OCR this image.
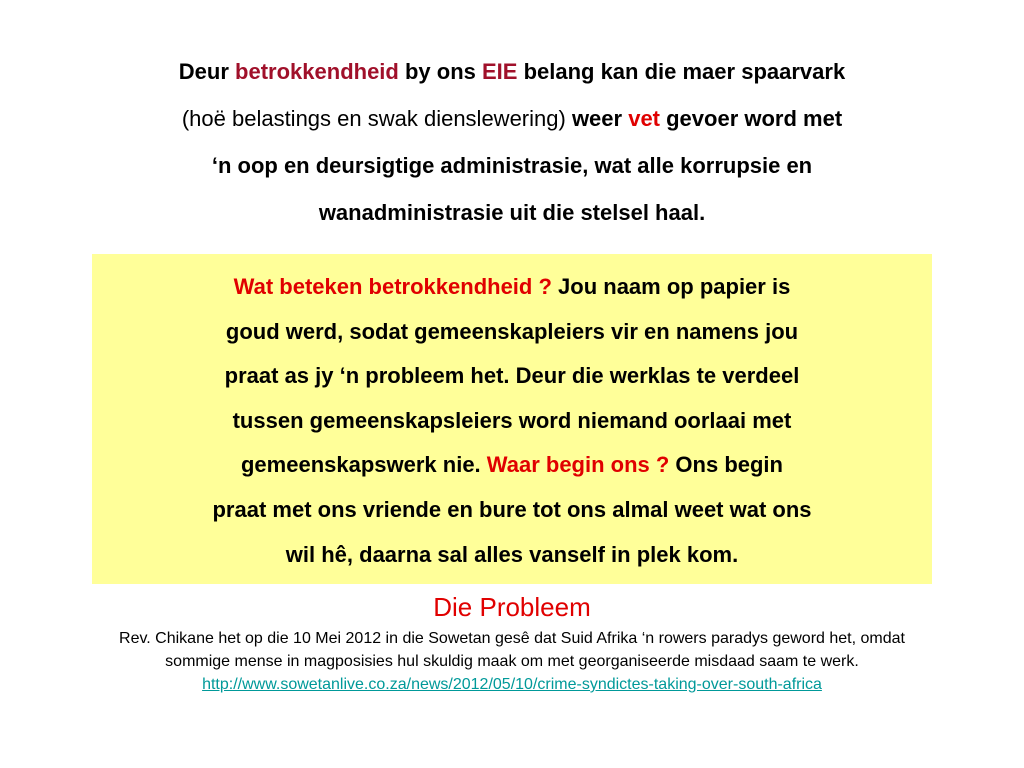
Deur betrokkendheid by ons EIE belang kan die maer spaarvark
(hoë belastings en swak dienslewering) weer vet gevoer word met
‘n oop en deursigtige administrasie, wat alle korrupsie en
wanadministrasie uit die stelsel haal.
Wat beteken betrokkendheid ? Jou naam op papier is
goud werd, sodat gemeenskapleiers vir en namens jou
praat as jy ‘n probleem het. Deur die werklas te verdeel
tussen gemeenskapsleiers word niemand oorlaai met
gemeenskapswerk nie. Waar begin ons ? Ons begin
praat met ons vriende en bure tot ons almal weet wat ons
wil hê, daarna sal alles vanself in plek kom.
Die Probleem
Rev. Chikane het op die 10 Mei 2012 in die Sowetan gesê dat Suid Afrika ‘n rowers paradys geword het, omdat
sommige mense in magposisies hul skuldig maak om met georganiseerde misdaad saam te werk.
http://www.sowetanlive.co.za/news/2012/05/10/crime-syndictes-taking-over-south-africa
